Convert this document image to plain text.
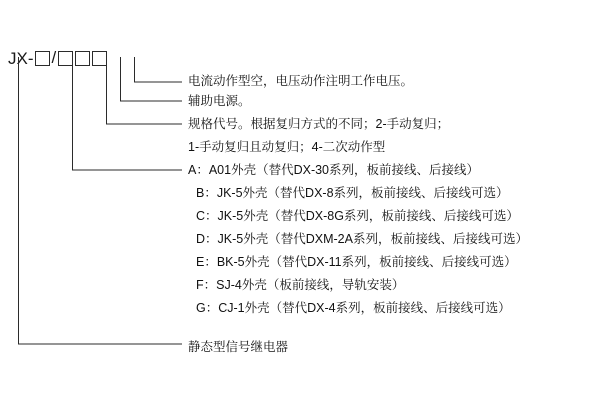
JX- /
电流动作型空，电压动作注明工作电压。
辅助电源。
规格代号。根据复归方式的不同；2-手动复归；
1-手动复归且动复归；4-二次动作型
A：A01外壳（替代DX-30系列，板前接线、后接线）
B：JK-5外壳（替代DX-8系列，板前接线、后接线可选）
C：JK-5外壳（替代DX-8G系列，板前接线、后接线可选）
D：JK-5外壳（替代DXM-2A系列，板前接线、后接线可选）
E：BK-5外壳（替代DX-11系列，板前接线、后接线可选）
F：SJ-4外壳（板前接线，导轨安装）
G：CJ-1外壳（替代DX-4系列，板前接线、后接线可选）
静态型信号继电器
